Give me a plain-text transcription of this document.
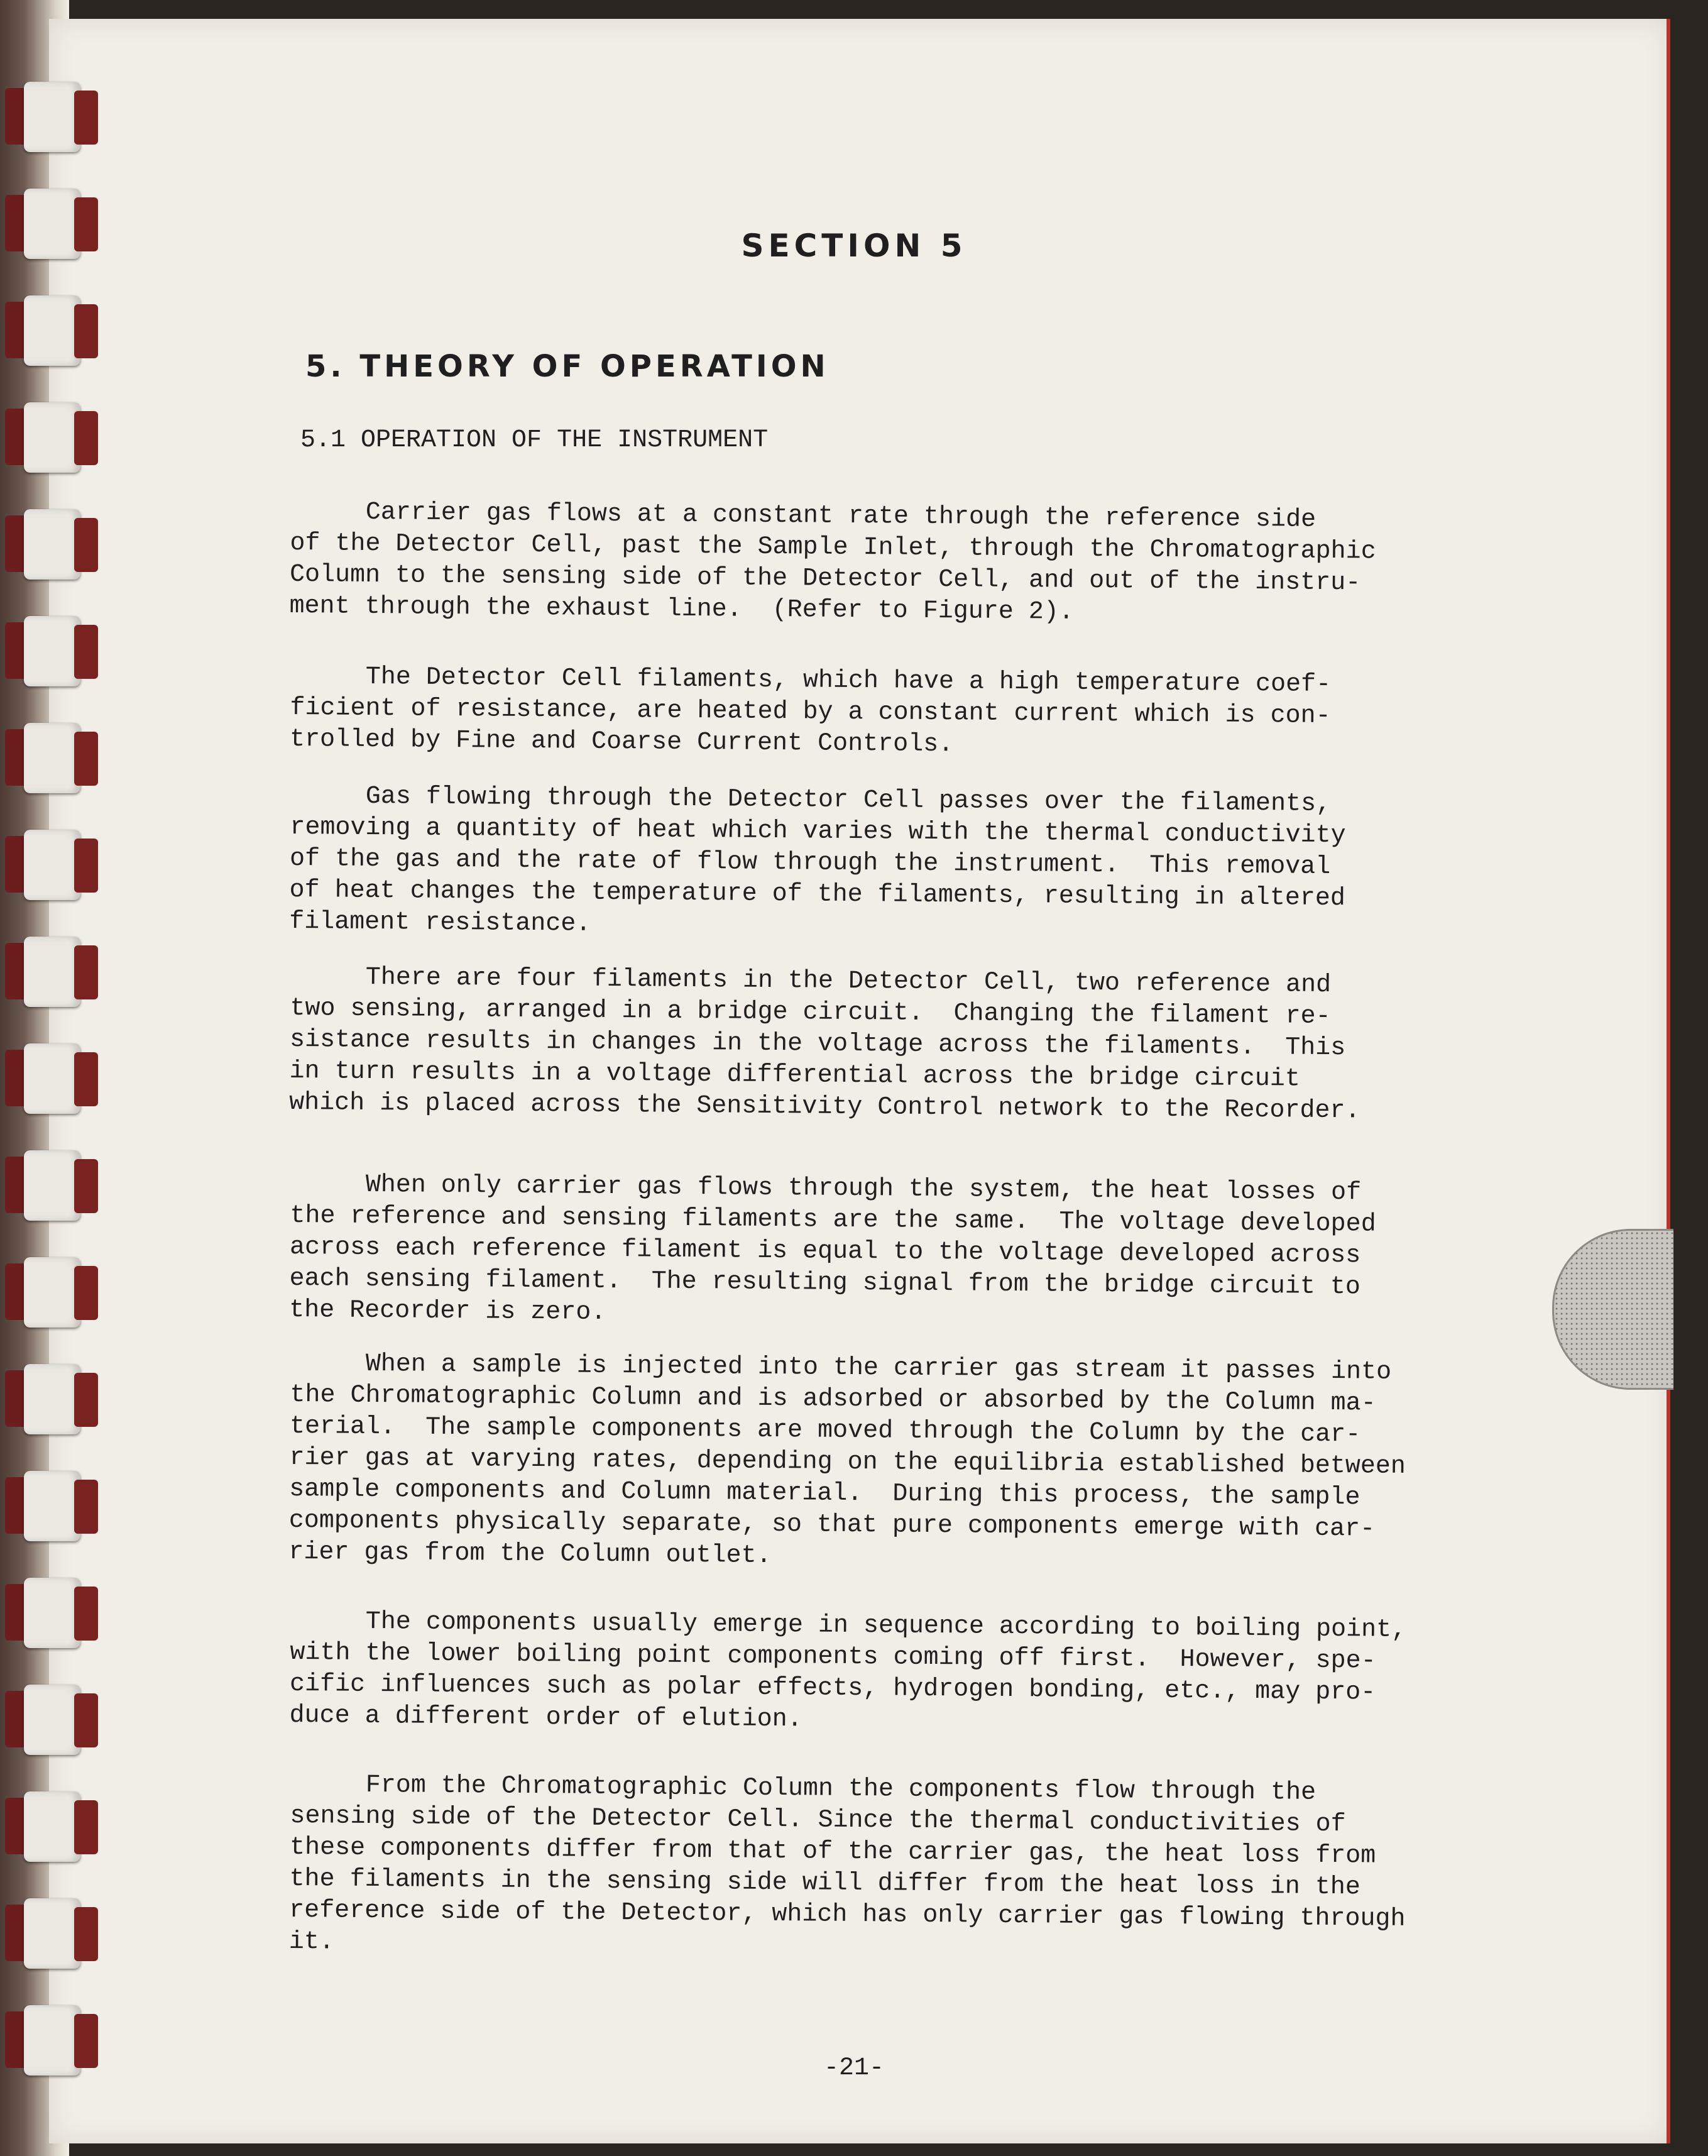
SECTION 5
5. THEORY OF OPERATION
5.1 OPERATION OF THE INSTRUMENT
Carrier gas flows at a constant rate through the reference side
of the Detector Cell, past the Sample Inlet, through the Chromatographic
Column to the sensing side of the Detector Cell, and out of the instru-
ment through the exhaust line.  (Refer to Figure 2).
The Detector Cell filaments, which have a high temperature coef-
ficient of resistance, are heated by a constant current which is con-
trolled by Fine and Coarse Current Controls.
Gas flowing through the Detector Cell passes over the filaments,
removing a quantity of heat which varies with the thermal conductivity
of the gas and the rate of flow through the instrument.  This removal
of heat changes the temperature of the filaments, resulting in altered
filament resistance.
There are four filaments in the Detector Cell, two reference and
two sensing, arranged in a bridge circuit.  Changing the filament re-
sistance results in changes in the voltage across the filaments.  This
in turn results in a voltage differential across the bridge circuit
which is placed across the Sensitivity Control network to the Recorder.
When only carrier gas flows through the system, the heat losses of
the reference and sensing filaments are the same.  The voltage developed
across each reference filament is equal to the voltage developed across
each sensing filament.  The resulting signal from the bridge circuit to
the Recorder is zero.
When a sample is injected into the carrier gas stream it passes into
the Chromatographic Column and is adsorbed or absorbed by the Column ma-
terial.  The sample components are moved through the Column by the car-
rier gas at varying rates, depending on the equilibria established between
sample components and Column material.  During this process, the sample
components physically separate, so that pure components emerge with car-
rier gas from the Column outlet.
The components usually emerge in sequence according to boiling point,
with the lower boiling point components coming off first.  However, spe-
cific influences such as polar effects, hydrogen bonding, etc., may pro-
duce a different order of elution.
From the Chromatographic Column the components flow through the
sensing side of the Detector Cell. Since the thermal conductivities of
these components differ from that of the carrier gas, the heat loss from
the filaments in the sensing side will differ from the heat loss in the
reference side of the Detector, which has only carrier gas flowing through
it.
-21-
